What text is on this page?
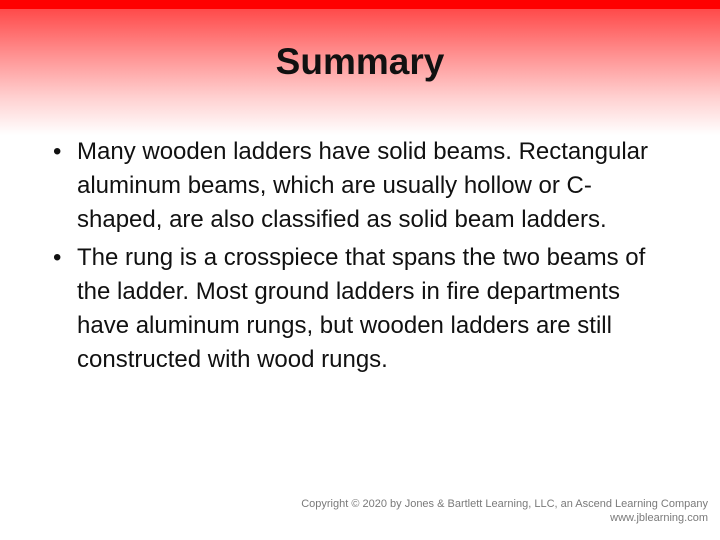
Summary
• Many wooden ladders have solid beams. Rectangular aluminum beams, which are usually hollow or C-shaped, are also classified as solid beam ladders.
• The rung is a crosspiece that spans the two beams of the ladder. Most ground ladders in fire departments have aluminum rungs, but wooden ladders are still constructed with wood rungs.
Copyright © 2020 by Jones & Bartlett Learning, LLC, an Ascend Learning Company
www.jblearning.com
